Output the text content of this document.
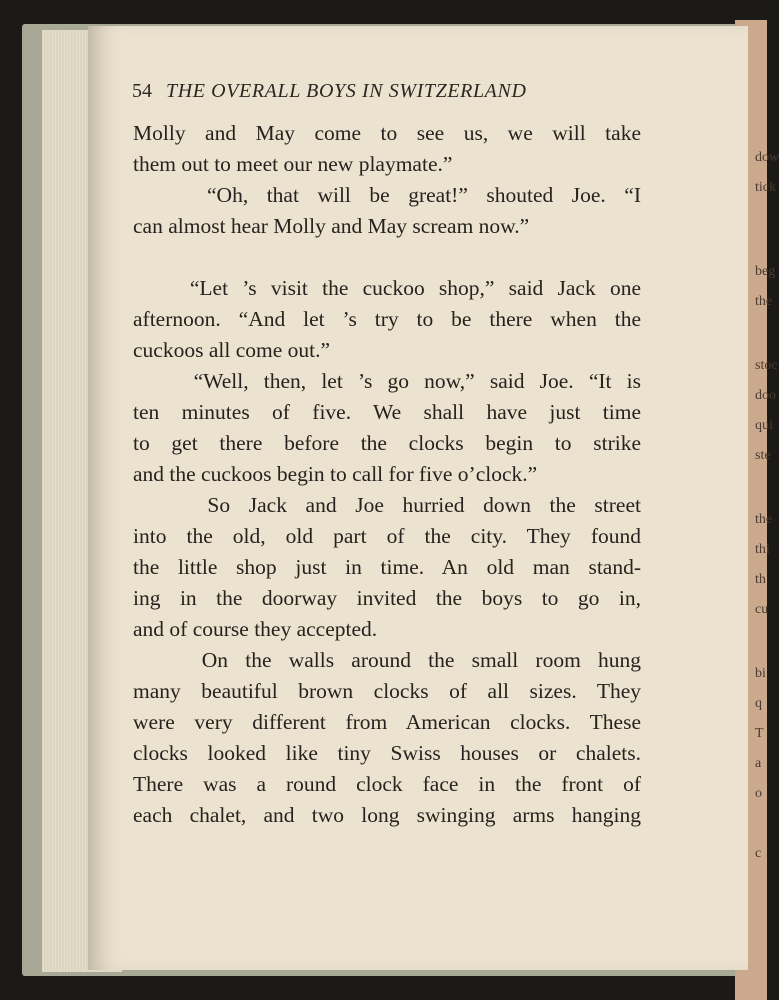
dow
tick
beg
the
stoc
doo
qui
ste
the
thi
th
cu
bi
q
T
a
o
c
54 THE OVERALL BOYS IN SWITZERLAND
Molly and May come to see us, we will take
them out to meet our new playmate.”
“Oh, that will be great!” shouted Joe. “I
can almost hear Molly and May scream now.”
“Let ’s visit the cuckoo shop,” said Jack one
afternoon. “And let ’s try to be there when the
cuckoos all come out.”
“Well, then, let ’s go now,” said Joe. “It is
ten minutes of five. We shall have just time
to get there before the clocks begin to strike
and the cuckoos begin to call for five o’clock.”
So Jack and Joe hurried down the street
into the old, old part of the city. They found
the little shop just in time. An old man stand-
ing in the doorway invited the boys to go in,
and of course they accepted.
On the walls around the small room hung
many beautiful brown clocks of all sizes. They
were very different from American clocks. These
clocks looked like tiny Swiss houses or chalets.
There was a round clock face in the front of
each chalet, and two long swinging arms hanging
